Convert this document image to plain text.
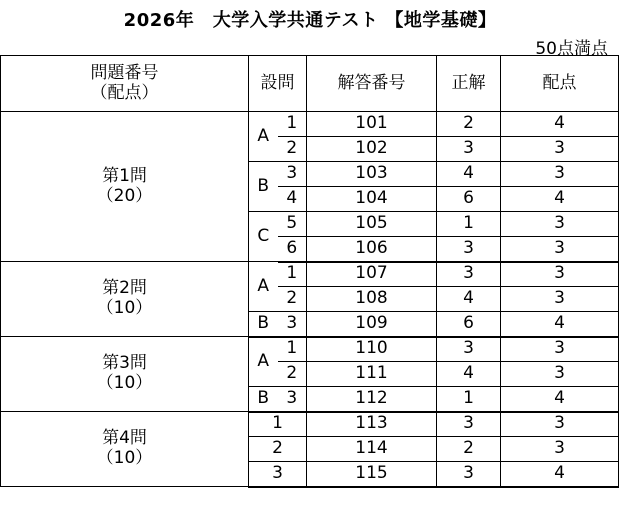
2026年　大学入学共通テスト 【地学基礎】
50点満点
問題番号
（配点）	設問		解答番号	正解	配点

第1問
（20）	A	1	101	2	4
		2	102	3	3
	B	3	103	4	3
		4	104	6	4
	C	5	105	1	3
		6	106	3	3

第2問
（10）	A	1	107	3	3
		2	108	4	3
	B	3	109	6	4

第3問
（10）	A	1	110	3	3
		2	111	4	3
	B	3	112	1	4

第4問
（10）	1		113	3	3
	2		114	2	3
	3		115	3	4
